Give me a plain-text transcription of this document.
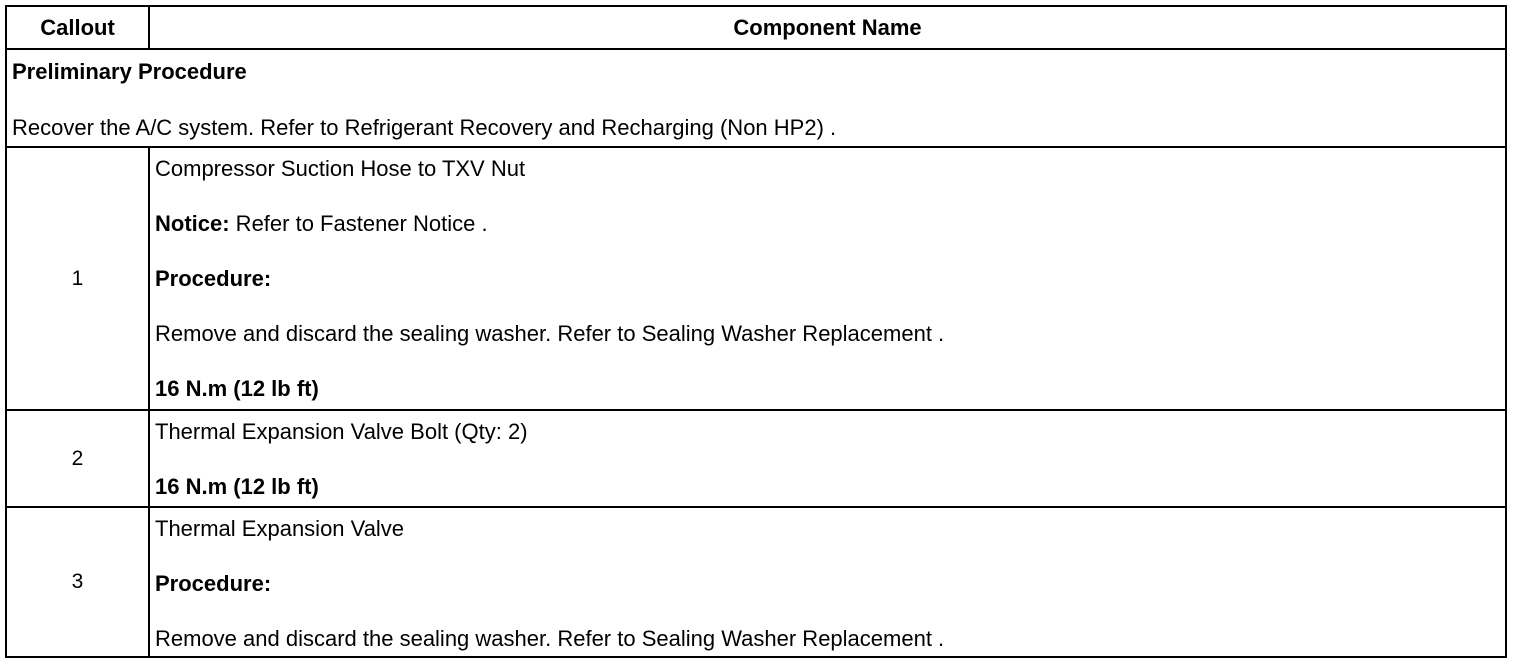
Callout	Component Name
Preliminary Procedure
Recover the A/C system. Refer to Refrigerant Recovery and Recharging (Non HP2) .
1
Compressor Suction Hose to TXV Nut
Notice: Refer to Fastener Notice .
Procedure:
Remove and discard the sealing washer. Refer to Sealing Washer Replacement .
16 N.m (12 lb ft)
2
Thermal Expansion Valve Bolt (Qty: 2)
16 N.m (12 lb ft)
3
Thermal Expansion Valve
Procedure:
Remove and discard the sealing washer. Refer to Sealing Washer Replacement .
